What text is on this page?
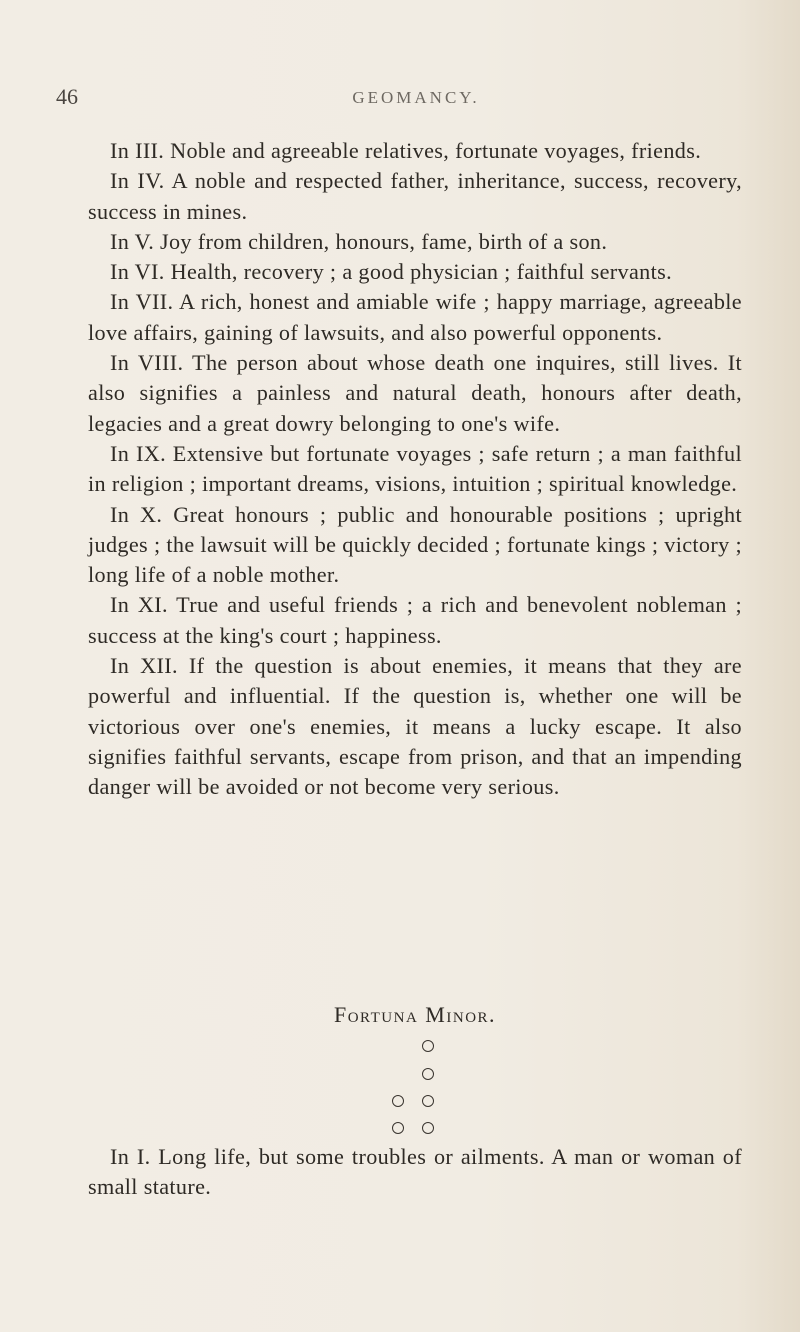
46	GEOMANCY.

In III. Noble and agreeable relatives, fortunate voyages, friends.

In IV. A noble and respected father, inheritance, success, recovery, success in mines.

In V. Joy from children, honours, fame, birth of a son.

In VI. Health, recovery ; a good physician ; faithful servants.

In VII. A rich, honest and amiable wife ; happy marriage, agreeable love affairs, gaining of lawsuits, and also powerful opponents.

In VIII. The person about whose death one inquires, still lives. It also signifies a painless and natural death, honours after death, legacies and a great dowry belonging to one's wife.

In IX. Extensive but fortunate voyages ; safe return ; a man faithful in religion ; important dreams, visions, intuition ; spiritual knowledge.

In X. Great honours ; public and honourable positions ; upright judges ; the lawsuit will be quickly decided ; fortunate kings ; victory ; long life of a noble mother.

In XI. True and useful friends ; a rich and benevolent nobleman ; success at the king's court ; happiness.

In XII. If the question is about enemies, it means that they are powerful and influential. If the question is, whether one will be victorious over one's enemies, it means a lucky escape. It also signifies faithful servants, escape from prison, and that an impending danger will be avoided or not become very serious.

Fortuna Minor.

In I. Long life, but some troubles or ailments. A man or woman of small stature.
